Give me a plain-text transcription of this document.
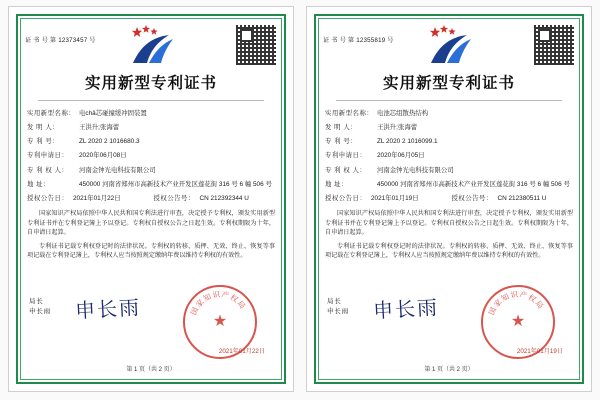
证 书 号 第 12373457 号
实用新型专利证书
实用新型名称： 电châ芯碰撞缓冲固装置
发 明 人：	王洪升;张海蕾
专 利 号：	ZL 2020 2 1016680.3
专利申请日：	2020年06月08日
专 利 权 人：	河南金钟光电科技有限公司
地 址：	450000 河南省郑州市高新技术产业开发区莲花街 316 号 6 幢 506 号
授权公告日： 2021年01月22日	授权公告号： CN 212392344 U

国家知识产权局依照中华人民共和国专利法进行审查，决定授予专利权，颁发实用新型专利证书并在专利登记簿上予以登记。专利权自授权公告之日起生效。专利权期限为十年，自申请日起算。

专利证书记载专利权登记时的法律状况。专利权的转移、质押、无效、终止、恢复等事项记载在专利登记簿上，专利权人应当按照规定缴纳年费以维持专利权的有效性。

局长
申长雨 申长雨	国家知识产权局
★
2021年01月22日
第 1 页（共 2 页）
证 书 号 第 12355819 号
实用新型专利证书
实用新型名称： 电池芯组散热结构
发 明 人：	王洪升;张海蕾
专 利 号：	ZL 2020 2 1016099.1
专利申请日：	2020年06月05日
专 利 权 人：	河南金钟光电科技有限公司
地 址：	450000 河南省郑州市高新技术产业开发区莲花街 316 号 6 幢 506 号
授权公告日： 2021年01月19日	授权公告号： CN 212380511 U

国家知识产权局依照中华人民共和国专利法进行审查，决定授予专利权，颁发实用新型专利证书并在专利登记簿上予以登记。专利权自授权公告之日起生效。专利权期限为十年，自申请日起算。

专利证书记载专利权登记时的法律状况。专利权的转移、质押、无效、终止、恢复等事项记载在专利登记簿上，专利权人应当按照规定缴纳年费以维持专利权的有效性。

局长
申长雨 申长雨	国家知识产权局
★
2021年01月19日
第 1 页（共 2 页）
